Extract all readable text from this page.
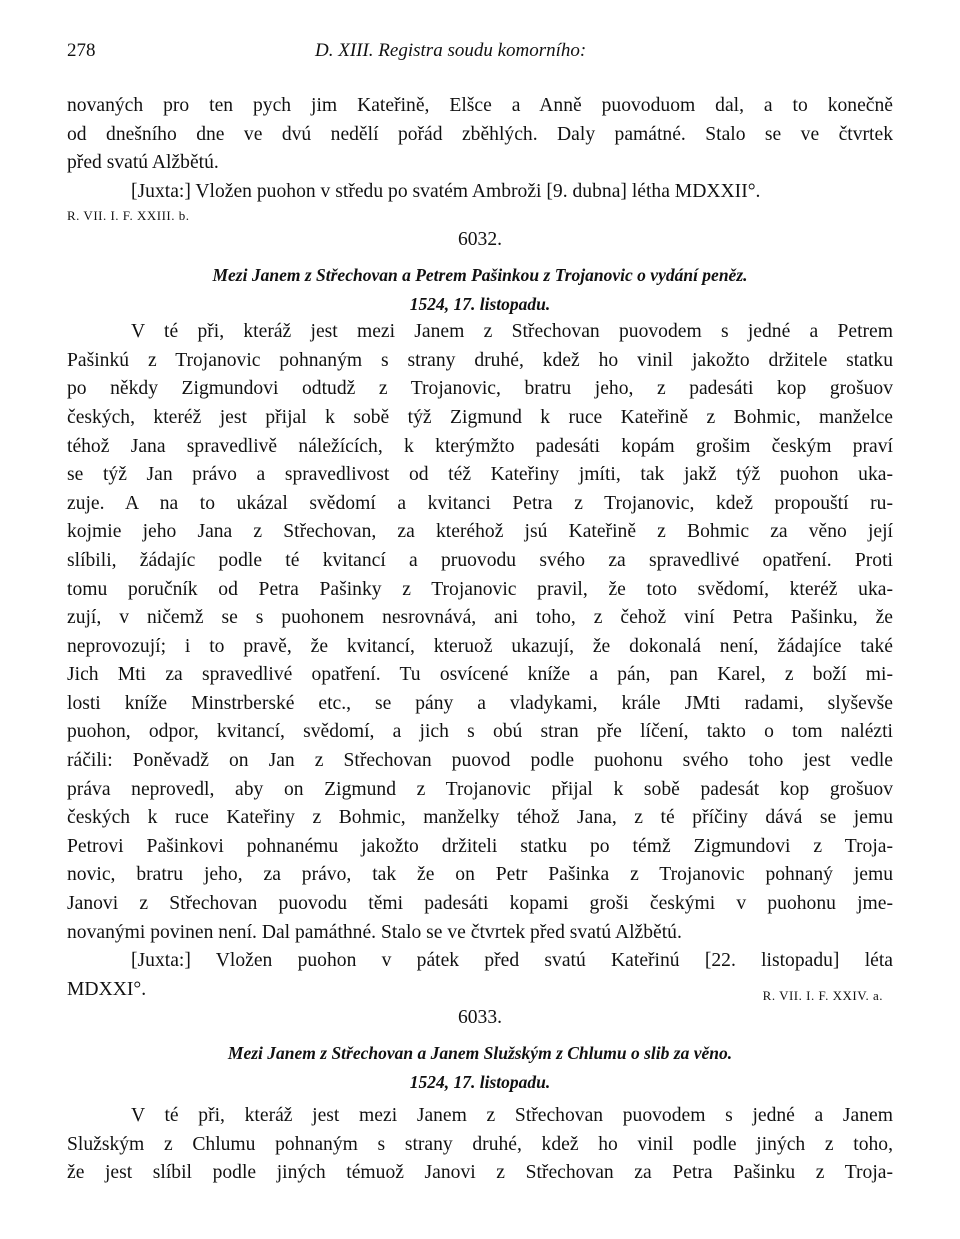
278	D. XIII. Registra soudu komorního:
novaných pro ten pych jim Kateřině, Elšce a Anně puovoduom dal, a to konečně
od dnešního dne ve dvú nedělí pořád zběhlých. Daly památné. Stalo se ve čtvrtek
před svatú Alžbětú.
[Juxta:] Vložen puohon v středu po svatém Ambroži [9. dubna] létha MDXXII°.
R. VII. I. F. XXIII. b.
6032.
Mezi Janem z Střechovan a Petrem Pašinkou z Trojanovic o vydání peněz.
1524, 17. listopadu.
V té při, kteráž jest mezi Janem z Střechovan puovodem s jedné a Petrem
Pašinkú z Trojanovic pohnaným s strany druhé, kdež ho vinil jakožto držitele statku
po někdy Zigmundovi odtudž z Trojanovic, bratru jeho, z padesáti kop grošuov
českých, kteréž jest přijal k sobě týž Zigmund k ruce Kateřině z Bohmic, manželce
téhož Jana spravedlivě náležících, k kterýmžto padesáti kopám grošim českým praví
se týž Jan právo a spravedlivost od též Kateřiny jmíti, tak jakž týž puohon uka-
zuje. A na to ukázal svědomí a kvitanci Petra z Trojanovic, kdež propouští ru-
kojmie jeho Jana z Střechovan, za kteréhož jsú Kateřině z Bohmic za věno její
slíbili, žádajíc podle té kvitancí a pruovodu svého za spravedlivé opatření. Proti
tomu poručník od Petra Pašinky z Trojanovic pravil, že toto svědomí, kteréž uka-
zují, v ničemž se s puohonem nesrovnává, ani toho, z čehož viní Petra Pašinku, že
neprovozují; i to pravě, že kvitancí, kteruož ukazují, že dokonalá není, žádajíce také
Jich Mti za spravedlivé opatření. Tu osvícené kníže a pán, pan Karel, z boží mi-
losti kníže Minstrberské etc., se pány a vladykami, krále JMti radami, slyševše
puohon, odpor, kvitancí, svědomí, a jich s obú stran pře líčení, takto o tom nalézti
ráčili: Poněvadž on Jan z Střechovan puovod podle puohonu svého toho jest vedle
práva neprovedl, aby on Zigmund z Trojanovic přijal k sobě padesát kop grošuov
českých k ruce Kateřiny z Bohmic, manželky téhož Jana, z té příčiny dává se jemu
Petrovi Pašinkovi pohnanému jakožto držiteli statku po témž Zigmundovi z Troja-
novic, bratru jeho, za právo, tak že on Petr Pašinka z Trojanovic pohnaný jemu
Janovi z Střechovan puovodu těmi padesáti kopami groši českými v puohonu jme-
novanými povinen není. Dal památhné. Stalo se ve čtvrtek před svatú Alžbětú.
[Juxta:] Vložen puohon v pátek před svatú Kateřinú [22. listopadu] léta
MDXXI°.	R. VII. I. F. XXIV. a.
6033.
Mezi Janem z Střechovan a Janem Služským z Chlumu o slib za věno.
1524, 17. listopadu.
V té při, kteráž jest mezi Janem z Střechovan puovodem s jedné a Janem
Služským z Chlumu pohnaným s strany druhé, kdež ho vinil podle jiných z toho,
že jest slíbil podle jiných témuož Janovi z Střechovan za Petra Pašinku z Troja-
